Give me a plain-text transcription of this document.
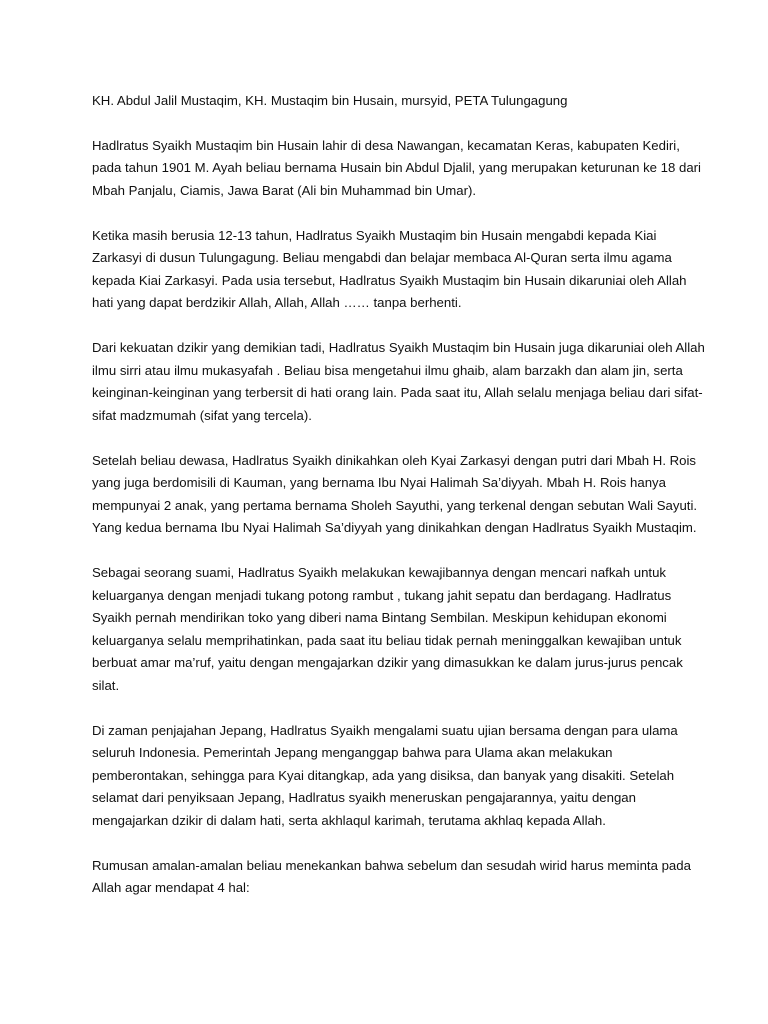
KH. Abdul Jalil Mustaqim, KH. Mustaqim bin Husain, mursyid, PETA Tulungagung
Hadlratus Syaikh Mustaqim bin Husain lahir di desa Nawangan, kecamatan Keras, kabupaten Kediri,
pada tahun 1901 M. Ayah beliau bernama Husain bin Abdul Djalil, yang merupakan keturunan ke 18 dari
Mbah Panjalu, Ciamis, Jawa Barat (Ali bin Muhammad bin Umar).
Ketika masih berusia 12-13 tahun, Hadlratus Syaikh Mustaqim bin Husain mengabdi kepada Kiai
Zarkasyi di dusun Tulungagung. Beliau mengabdi dan belajar membaca Al-Quran serta ilmu agama
kepada Kiai Zarkasyi. Pada usia tersebut, Hadlratus Syaikh Mustaqim bin Husain dikaruniai oleh Allah
hati yang dapat berdzikir Allah, Allah, Allah …… tanpa berhenti.
Dari kekuatan dzikir yang demikian tadi, Hadlratus Syaikh Mustaqim bin Husain juga dikaruniai oleh Allah
ilmu sirri atau ilmu mukasyafah . Beliau bisa mengetahui ilmu ghaib, alam barzakh dan alam jin, serta
keinginan-keinginan yang terbersit di hati orang lain. Pada saat itu, Allah selalu menjaga beliau dari sifat-
sifat madzmumah (sifat yang tercela).
Setelah beliau dewasa, Hadlratus Syaikh dinikahkan oleh Kyai Zarkasyi dengan putri dari Mbah H. Rois
yang juga berdomisili di Kauman, yang bernama Ibu Nyai Halimah Sa’diyyah. Mbah H. Rois hanya
mempunyai 2 anak, yang pertama bernama Sholeh Sayuthi, yang terkenal dengan sebutan Wali Sayuti.
Yang kedua bernama Ibu Nyai Halimah Sa’diyyah yang dinikahkan dengan Hadlratus Syaikh Mustaqim.
Sebagai seorang suami, Hadlratus Syaikh melakukan kewajibannya dengan mencari nafkah untuk
keluarganya dengan menjadi tukang potong rambut , tukang jahit sepatu dan berdagang. Hadlratus
Syaikh pernah mendirikan toko yang diberi nama Bintang Sembilan. Meskipun kehidupan ekonomi
keluarganya selalu memprihatinkan, pada saat itu beliau tidak pernah meninggalkan kewajiban untuk
berbuat amar ma’ruf, yaitu dengan mengajarkan dzikir yang dimasukkan ke dalam jurus-jurus pencak
silat.
Di zaman penjajahan Jepang, Hadlratus Syaikh mengalami suatu ujian bersama dengan para ulama
seluruh Indonesia. Pemerintah Jepang menganggap bahwa para Ulama akan melakukan
pemberontakan, sehingga para Kyai ditangkap, ada yang disiksa, dan banyak yang disakiti. Setelah
selamat dari penyiksaan Jepang, Hadlratus syaikh meneruskan pengajarannya, yaitu dengan
mengajarkan dzikir di dalam hati, serta akhlaqul karimah, terutama akhlaq kepada Allah.
Rumusan amalan-amalan beliau menekankan bahwa sebelum dan sesudah wirid harus meminta pada
Allah agar mendapat 4 hal:
